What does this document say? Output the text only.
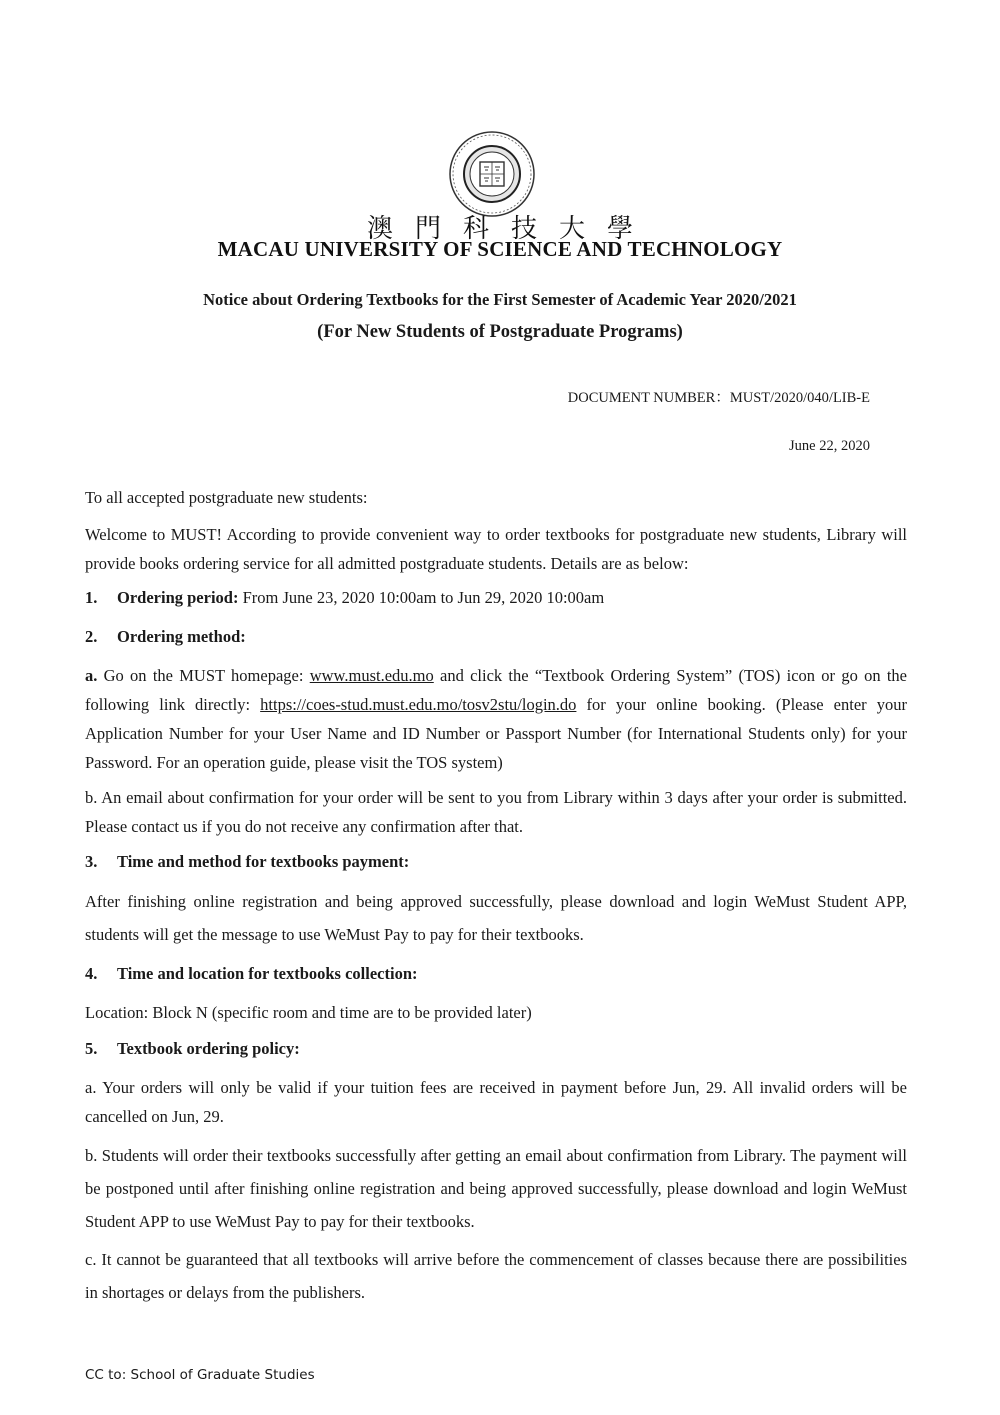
澳門科技大學
MACAU UNIVERSITY OF SCIENCE AND TECHNOLOGY
Notice about Ordering Textbooks for the First Semester of Academic Year 2020/2021
(For New Students of Postgraduate Programs)
DOCUMENT NUMBER：MUST/2020/040/LIB-E
June 22, 2020
To all accepted postgraduate new students:
Welcome to MUST! According to provide convenient way to order textbooks for postgraduate new students, Library will provide books ordering service for all admitted postgraduate students. Details are as below:
1. Ordering period: From June 23, 2020 10:00am to Jun 29, 2020 10:00am
2. Ordering method:
a. Go on the MUST homepage: www.must.edu.mo and click the “Textbook Ordering System” (TOS) icon or go on the following link directly: https://coes-stud.must.edu.mo/tosv2stu/login.do for your online booking. (Please enter your Application Number for your User Name and ID Number or Passport Number (for International Students only) for your Password. For an operation guide, please visit the TOS system)
b. An email about confirmation for your order will be sent to you from Library within 3 days after your order is submitted. Please contact us if you do not receive any confirmation after that.
3. Time and method for textbooks payment:
After finishing online registration and being approved successfully, please download and login WeMust Student APP, students will get the message to use WeMust Pay to pay for their textbooks.
4. Time and location for textbooks collection:
Location: Block N (specific room and time are to be provided later)
5. Textbook ordering policy:
a. Your orders will only be valid if your tuition fees are received in payment before Jun, 29. All invalid orders will be cancelled on Jun, 29.
b. Students will order their textbooks successfully after getting an email about confirmation from Library. The payment will be postponed until after finishing online registration and being approved successfully, please download and login WeMust Student APP to use WeMust Pay to pay for their textbooks.
c. It cannot be guaranteed that all textbooks will arrive before the commencement of classes because there are possibilities in shortages or delays from the publishers.
CC to: School of Graduate Studies
